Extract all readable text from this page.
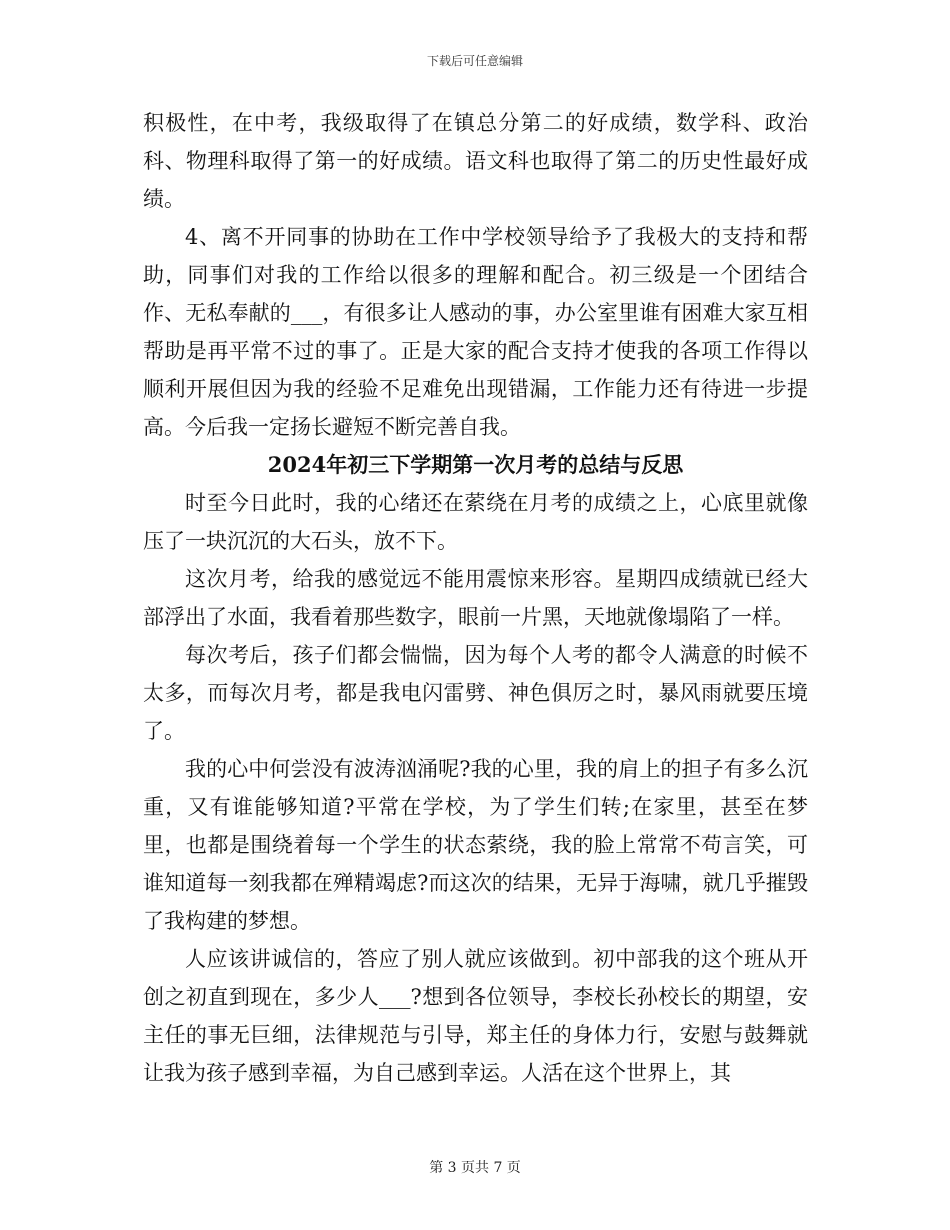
下载后可任意编辑

积极性，在中考，我级取得了在镇总分第二的好成绩，数学科、政治科、物理科取得了第一的好成绩。语文科也取得了第二的历史性最好成绩。

4、离不开同事的协助在工作中学校领导给予了我极大的支持和帮助，同事们对我的工作给以很多的理解和配合。初三级是一个团结合作、无私奉献的___，有很多让人感动的事，办公室里谁有困难大家互相帮助是再平常不过的事了。正是大家的配合支持才使我的各项工作得以顺利开展但因为我的经验不足难免出现错漏，工作能力还有待进一步提高。今后我一定扬长避短不断完善自我。

2024年初三下学期第一次月考的总结与反思

时至今日此时，我的心绪还在萦绕在月考的成绩之上，心底里就像压了一块沉沉的大石头，放不下。

这次月考，给我的感觉远不能用震惊来形容。星期四成绩就已经大部浮出了水面，我看着那些数字，眼前一片黑，天地就像塌陷了一样。

每次考后，孩子们都会惴惴，因为每个人考的都令人满意的时候不太多，而每次月考，都是我电闪雷劈、神色俱厉之时，暴风雨就要压境了。

我的心中何尝没有波涛汹涌呢?我的心里，我的肩上的担子有多么沉重，又有谁能够知道?平常在学校，为了学生们转;在家里，甚至在梦里，也都是围绕着每一个学生的状态萦绕，我的脸上常常不苟言笑，可谁知道每一刻我都在殚精竭虑?而这次的结果，无异于海啸，就几乎摧毁了我构建的梦想。

人应该讲诚信的，答应了别人就应该做到。初中部我的这个班从开创之初直到现在，多少人___?想到各位领导，李校长孙校长的期望，安主任的事无巨细，法律规范与引导，郑主任的身体力行，安慰与鼓舞就让我为孩子感到幸福，为自己感到幸运。人活在这个世界上，其

第 3 页共 7 页
